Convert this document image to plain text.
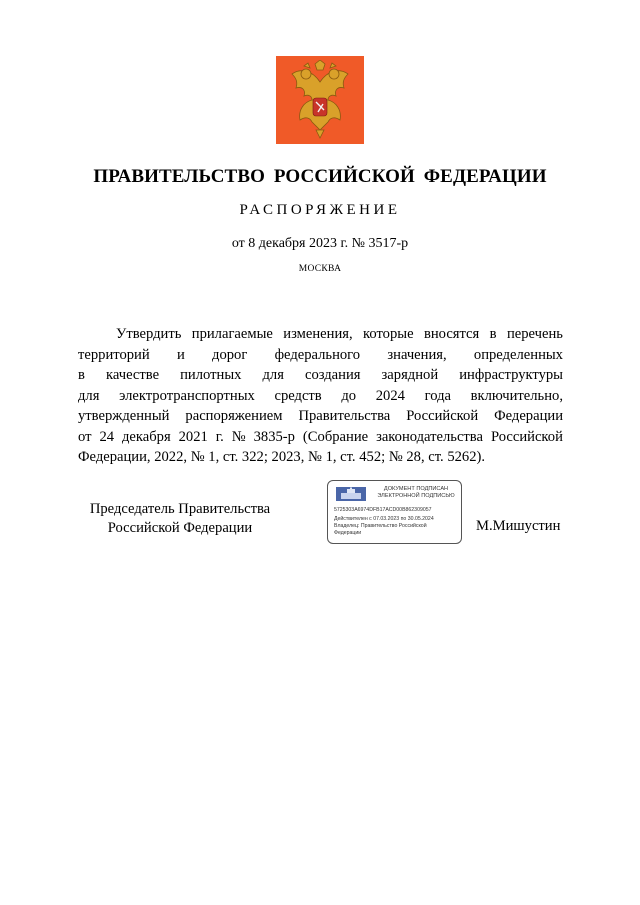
ПРАВИТЕЛЬСТВО РОССИЙСКОЙ ФЕДЕРАЦИИ
РАСПОРЯЖЕНИЕ
от 8 декабря 2023 г. № 3517-р
МОСКВА
Утвердить прилагаемые изменения, которые вносятся в перечень
территорий и дорог федерального значения, определенных
в качестве пилотных для создания зарядной инфраструктуры
для электротранспортных средств до 2024 года включительно,
утвержденный распоряжением Правительства Российской Федерации
от 24 декабря 2021 г. № 3835-р (Собрание законодательства Российской
Федерации, 2022, № 1, ст. 322; 2023, № 1, ст. 452; № 28, ст. 5262).
Председатель Правительства
Российской Федерации
ДОКУМЕНТ ПОДПИСАН
ЭЛЕКТРОННОЙ ПОДПИСЬЮ
5725303A6974DFB17ACD00B862309057
Действителен с 07.03.2023 по 30.05.2024
Владелец: Правительство Российской
Федерации	М.Мишустин
